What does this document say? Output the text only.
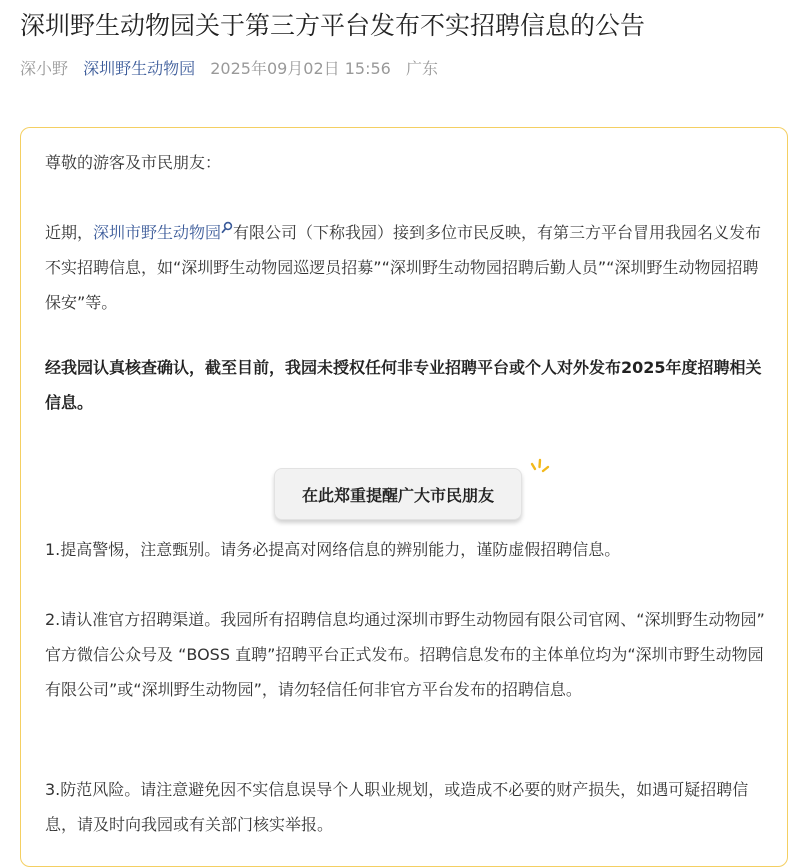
深圳野生动物园关于第三方平台发布不实招聘信息的公告
深小野 深圳野生动物园 2025年09月02日 15:56 广东

尊敬的游客及市民朋友：

近期，深圳市野生动物园 有限公司（下称我园）接到多位市民反映，有第三方平台冒用我园名义发布不实招聘信息，如“深圳野生动物园巡逻员招募”“深圳野生动物园招聘后勤人员”“深圳野生动物园招聘保安”等。

经我园认真核查确认，截至目前，我园未授权任何非专业招聘平台或个人对外发布2025年度招聘相关信息。

在此郑重提醒广大市民朋友

1.提高警惕，注意甄别。请务必提高对网络信息的辨别能力，谨防虚假招聘信息。

2.请认准官方招聘渠道。我园所有招聘信息均通过深圳市野生动物园有限公司官网、“深圳野生动物园” 官方微信公众号及 “BOSS 直聘”招聘平台正式发布。招聘信息发布的主体单位均为“深圳市野生动物园有限公司”或“深圳野生动物园”，请勿轻信任何非官方平台发布的招聘信息。

3.防范风险。请注意避免因不实信息误导个人职业规划，或造成不必要的财产损失，如遇可疑招聘信息，请及时向我园或有关部门核实举报。
